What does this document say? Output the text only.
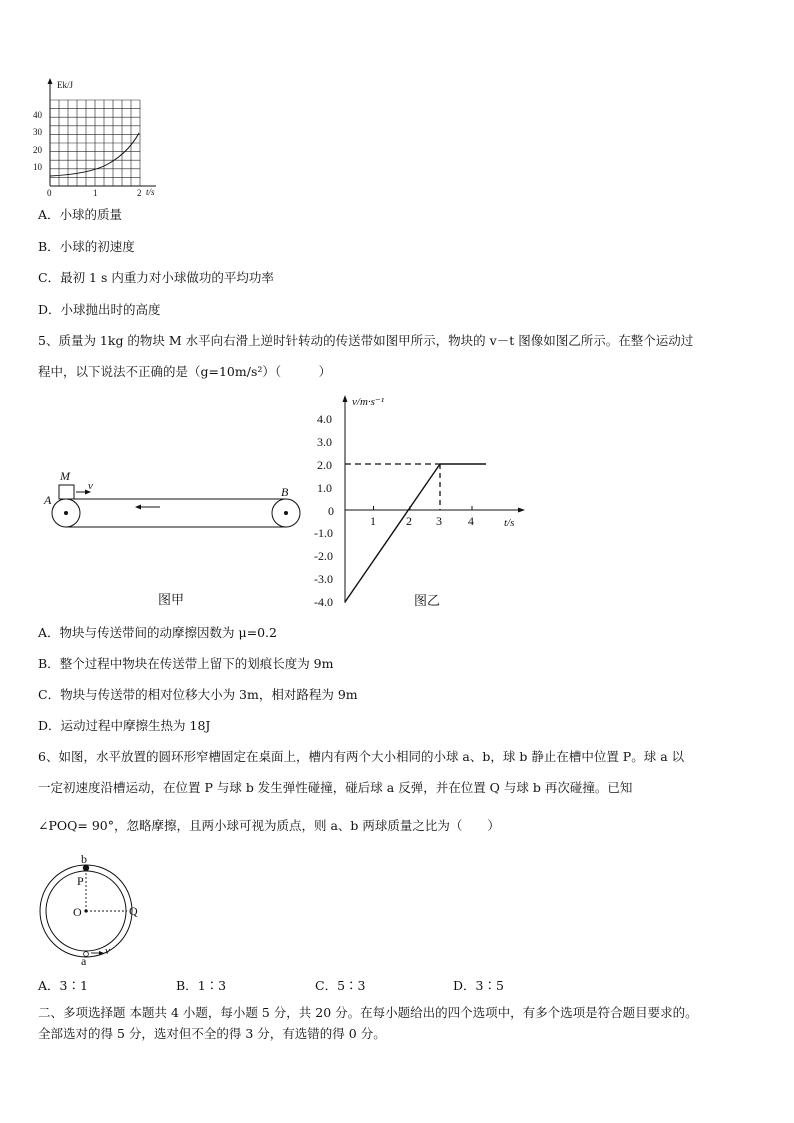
Ek/J
40
30
20
10
0	1	2 t/s
A．小球的质量
B．小球的初速度
C．最初 1 s 内重力对小球做功的平均功率
D．小球抛出时的高度
5、质量为 1kg 的物块 M 水平向右滑上逆时针转动的传送带如图甲所示，物块的 v－t 图像如图乙所示。在整个运动过
程中，以下说法不正确的是（g=10m/s²）（　　　）
M
v
A
B
图甲
v/m·s⁻¹
4.0
3.0
2.0
1.0
0
-1.0
-2.0
-3.0
-4.0
1	2 3 4	t/s
图乙
A．物块与传送带间的动摩擦因数为 μ=0.2
B．整个过程中物块在传送带上留下的划痕长度为 9m
C．物块与传送带的相对位移大小为 3m，相对路程为 9m
D．运动过程中摩擦生热为 18J
6、如图，水平放置的圆环形窄槽固定在桌面上，槽内有两个大小相同的小球 a、b，球 b 静止在槽中位置 P。球 a 以
一定初速度沿槽运动，在位置 P 与球 b 发生弹性碰撞，碰后球 a 反弹，并在位置 Q 与球 b 再次碰撞。已知
∠POQ= 90°，忽略摩擦，且两小球可视为质点，则 a、b 两球质量之比为（　　）
b
P
O	Q
a
v
A．3∶1	B．1∶3	C．5∶3	D．3∶5
二、多项选择题 本题共 4 小题，每小题 5 分，共 20 分。在每小题给出的四个选项中，有多个选项是符合题目要求的。
全部选对的得 5 分，选对但不全的得 3 分，有选错的得 0 分。
